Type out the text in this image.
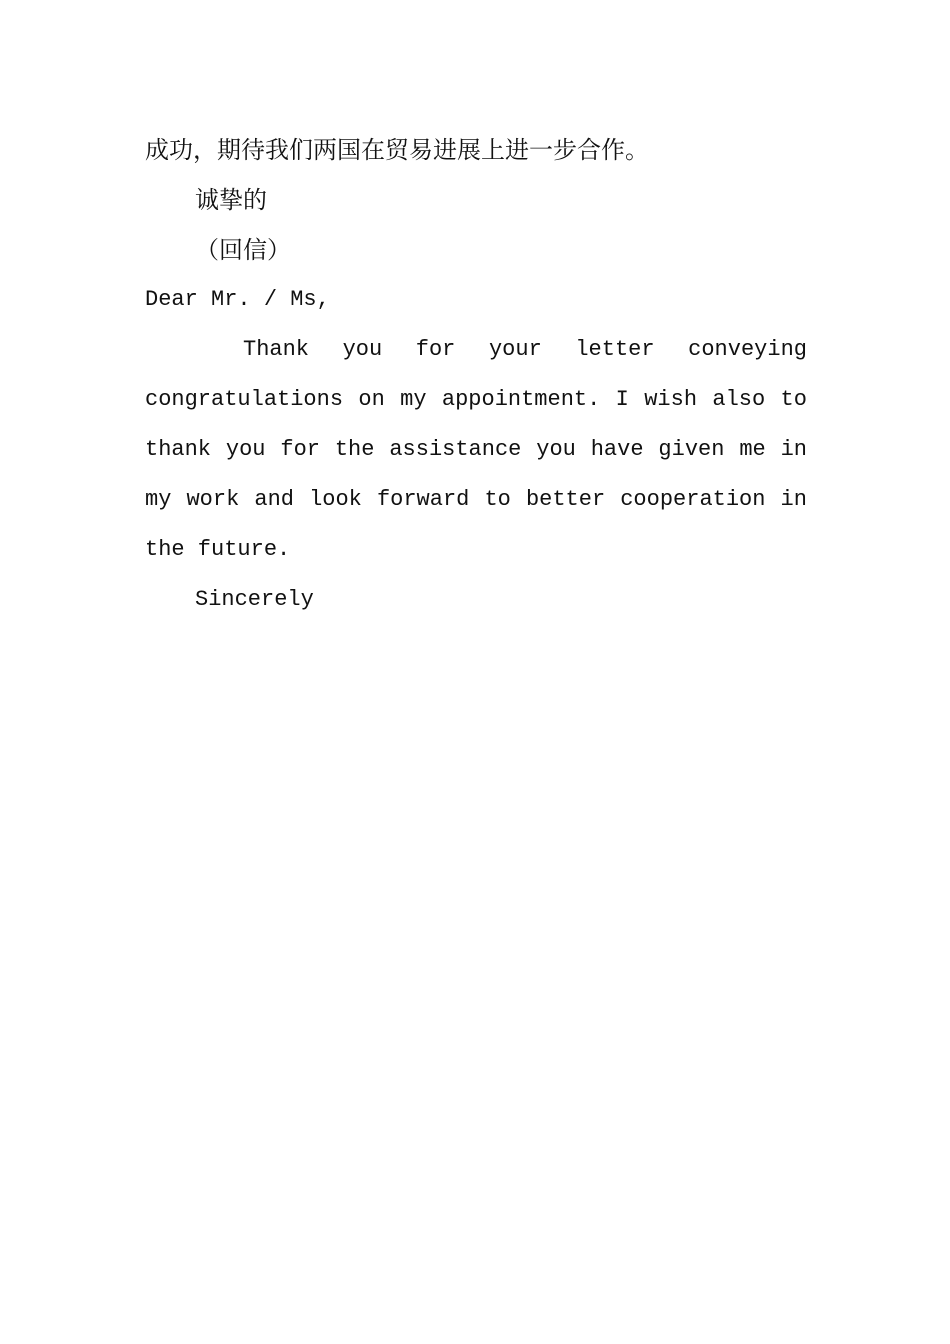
成功，期待我们两国在贸易进展上进一步合作。
诚挚的
（回信）
Dear Mr. / Ms,
Thank you for your letter conveying
congratulations on my appointment. I wish also to
thank you for the assistance you have given me in
my work and look forward to better cooperation in
the future.
Sincerely
